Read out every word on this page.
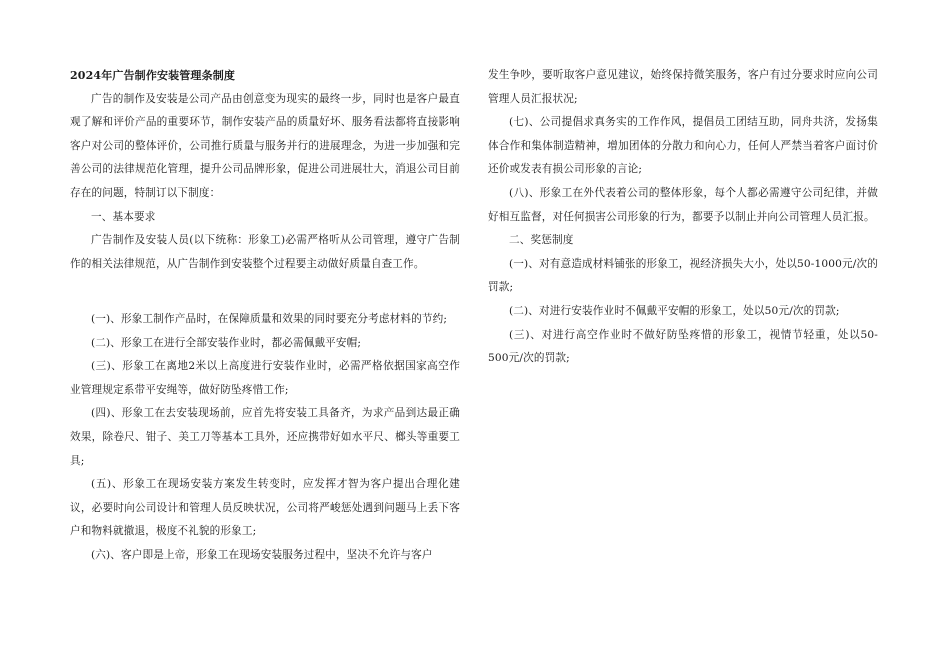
2024年广告制作安装管理条制度

广告的制作及安装是公司产品由创意变为现实的最终一步，同时也是客户最直观了解和评价产品的重要环节，制作安装产品的质量好坏、服务看法都将直接影响客户对公司的整体评价，公司推行质量与服务并行的进展理念，为进一步加强和完善公司的法律规范化管理，提升公司品牌形象，促进公司进展壮大，消退公司目前存在的问题，特制订以下制度：

一、基本要求

广告制作及安装人员(以下统称：形象工)必需严格听从公司管理，遵守广告制作的相关法律规范，从广告制作到安装整个过程要主动做好质量自查工作。

(一)、形象工制作产品时，在保障质量和效果的同时要充分考虑材料的节约;

(二)、形象工在进行全部安装作业时，都必需佩戴平安帽;

(三)、形象工在离地2米以上高度进行安装作业时，必需严格依据国家高空作业管理规定系带平安绳等，做好防坠疼惜工作;

(四)、形象工在去安装现场前，应首先将安装工具备齐，为求产品到达最正确效果，除卷尺、钳子、美工刀等基本工具外，还应携带好如水平尺、榔头等重要工具;

(五)、形象工在现场安装方案发生转变时，应发挥才智为客户提出合理化建议，必要时向公司设计和管理人员反映状况，公司将严峻惩处遇到问题马上丢下客户和物料就撤退，极度不礼貌的形象工;

(六)、客户即是上帝，形象工在现场安装服务过程中，坚决不允许与客户

发生争吵，要听取客户意见建议，始终保持微笑服务，客户有过分要求时应向公司管理人员汇报状况;

(七)、公司提倡求真务实的工作作风，提倡员工团结互助，同舟共济，发扬集体合作和集体制造精神，增加团体的分散力和向心力，任何人严禁当着客户面讨价还价或发表有损公司形象的言论;

(八)、形象工在外代表着公司的整体形象，每个人都必需遵守公司纪律，并做好相互监督，对任何损害公司形象的行为，都要予以制止并向公司管理人员汇报。

二、奖惩制度

(一)、对有意造成材料铺张的形象工，视经济损失大小，处以50-1000元/次的罚款;

(二)、对进行安装作业时不佩戴平安帽的形象工，处以50元/次的罚款;

(三)、对进行高空作业时不做好防坠疼惜的形象工，视情节轻重，处以50-500元/次的罚款;
